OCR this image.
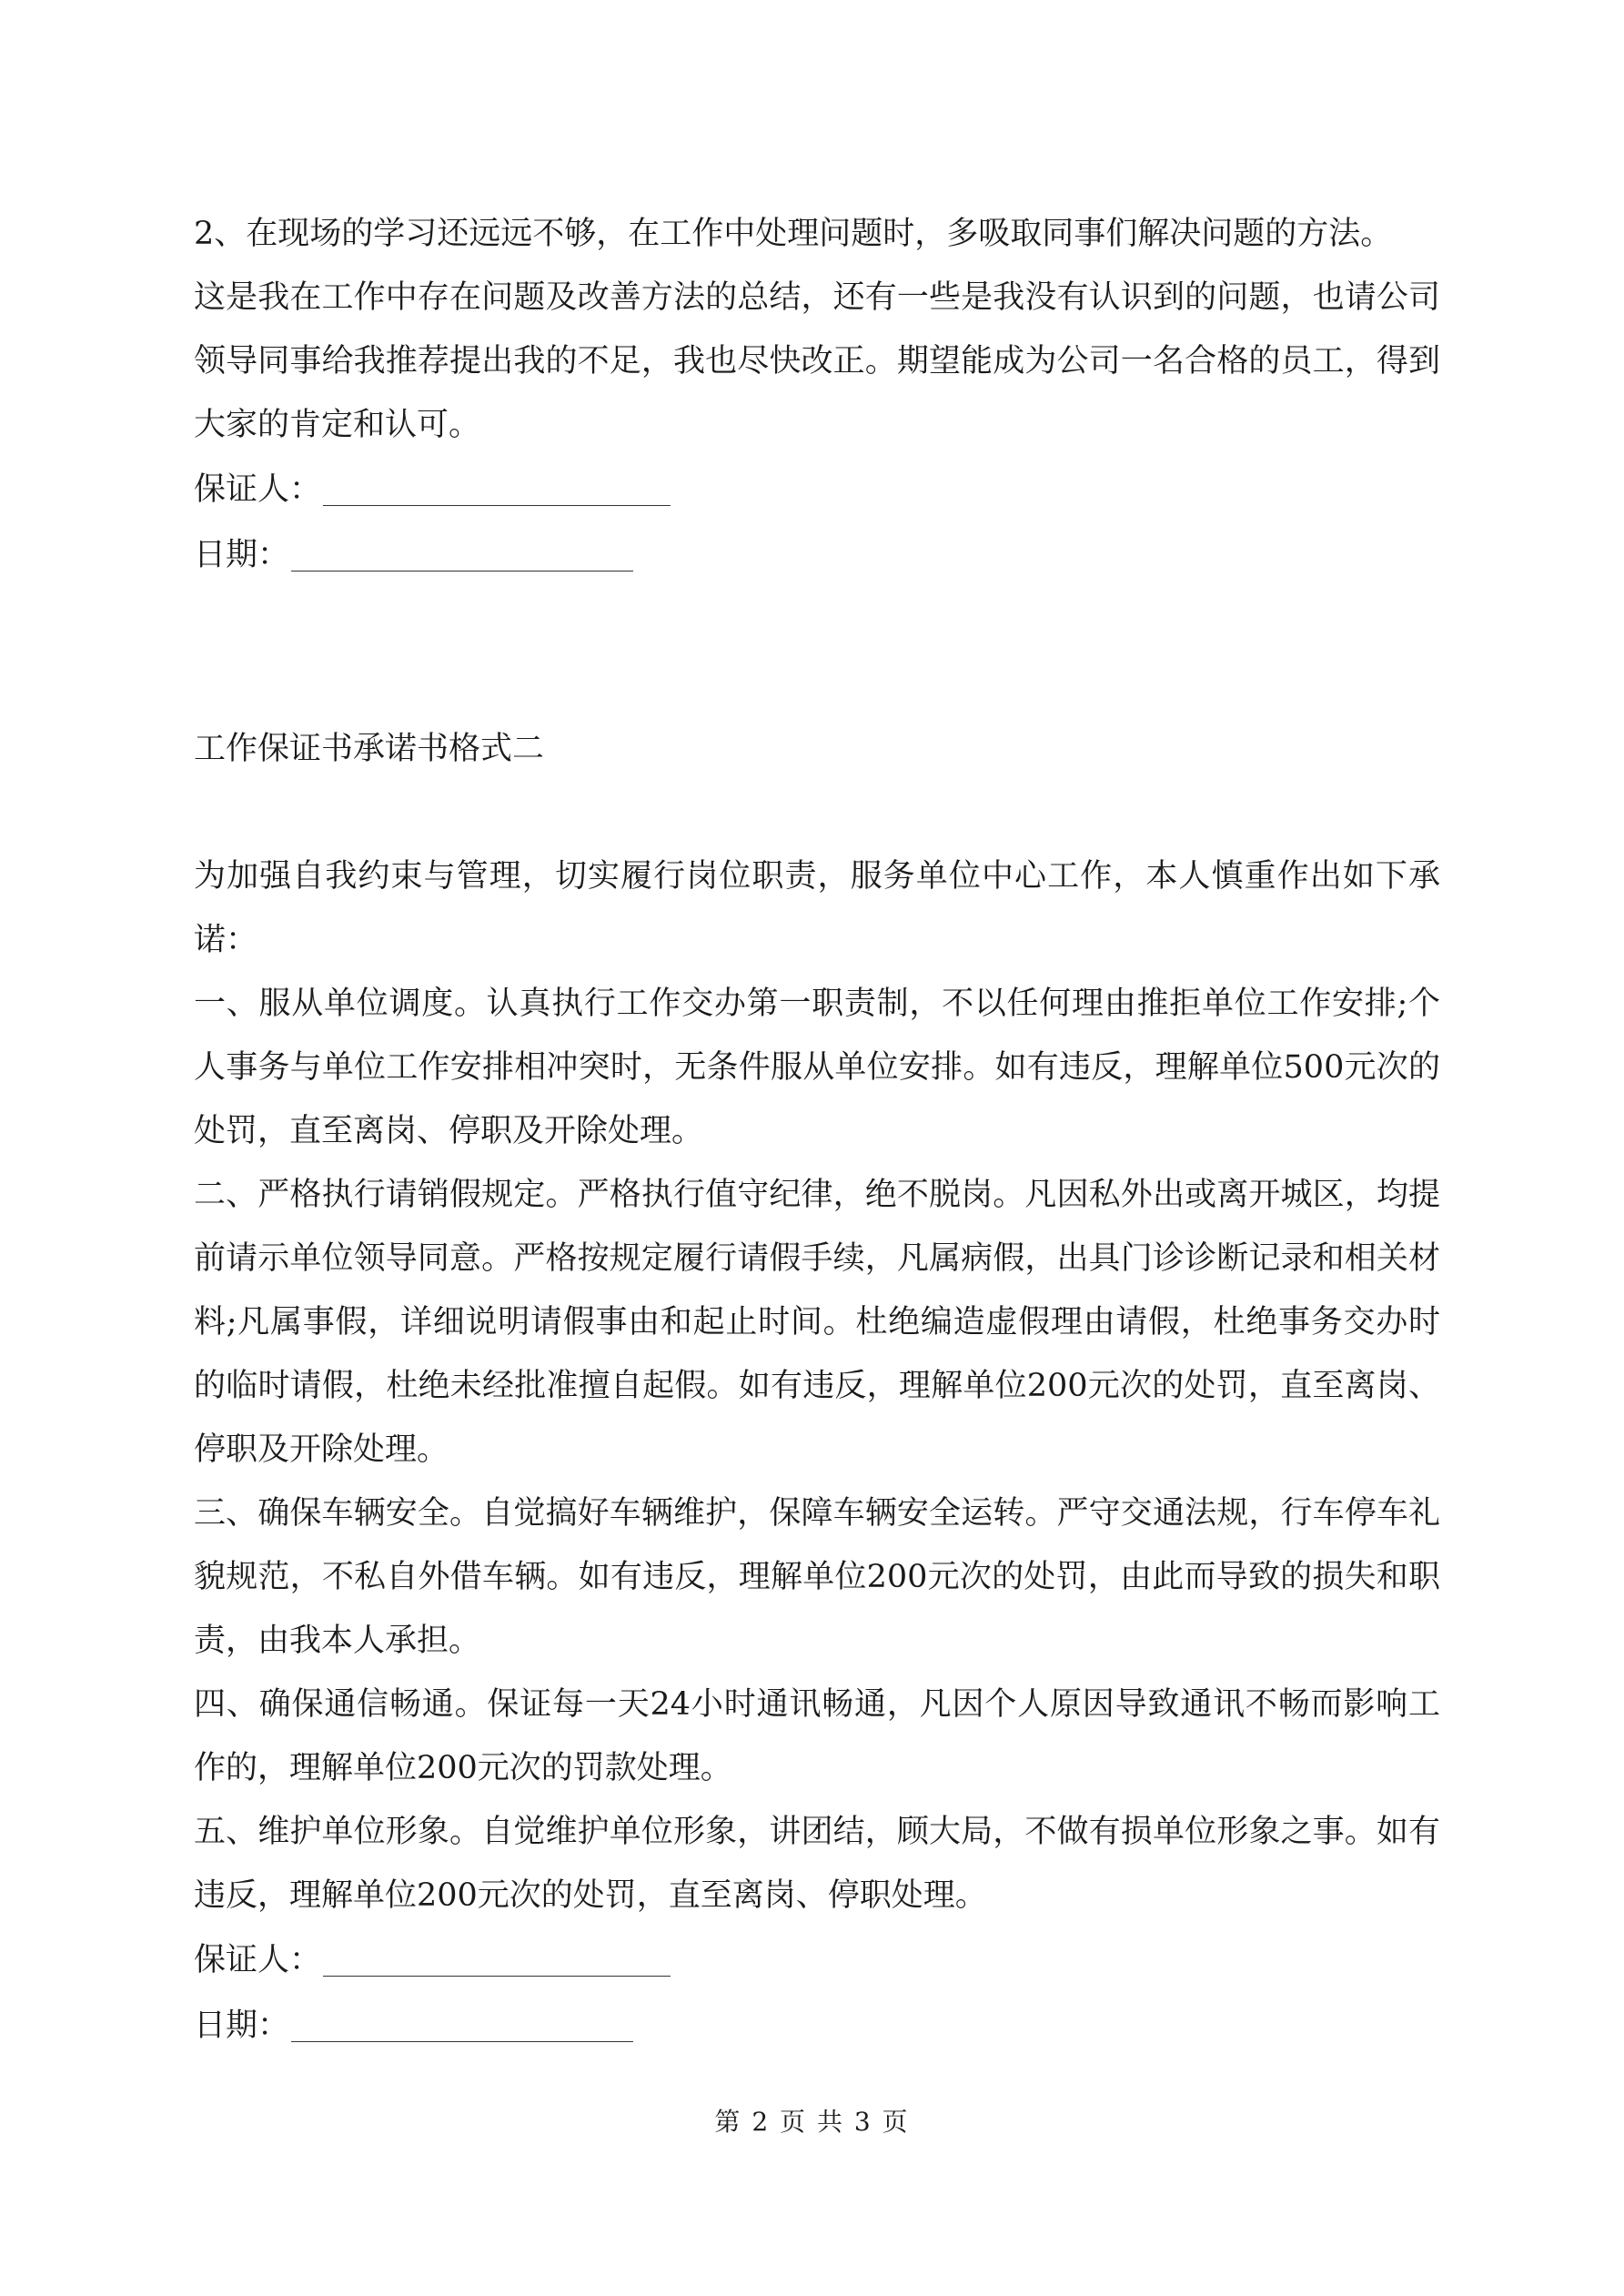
2、在现场的学习还远远不够，在工作中处理问题时，多吸取同事们解决问题的方法。

这是我在工作中存在问题及改善方法的总结，还有一些是我没有认识到的问题，也请公司领导同事给我推荐提出我的不足，我也尽快改正。期望能成为公司一名合格的员工，得到大家的肯定和认可。

保证人：
日期：

工作保证书承诺书格式二

为加强自我约束与管理，切实履行岗位职责，服务单位中心工作，本人慎重作出如下承诺：

一、服从单位调度。认真执行工作交办第一职责制，不以任何理由推拒单位工作安排;个人事务与单位工作安排相冲突时，无条件服从单位安排。如有违反，理解单位500元次的处罚，直至离岗、停职及开除处理。

二、严格执行请销假规定。严格执行值守纪律，绝不脱岗。凡因私外出或离开城区，均提前请示单位领导同意。严格按规定履行请假手续，凡属病假，出具门诊诊断记录和相关材料;凡属事假，详细说明请假事由和起止时间。杜绝编造虚假理由请假，杜绝事务交办时的临时请假，杜绝未经批准擅自起假。如有违反，理解单位200元次的处罚，直至离岗、停职及开除处理。

三、确保车辆安全。自觉搞好车辆维护，保障车辆安全运转。严守交通法规，行车停车礼貌规范，不私自外借车辆。如有违反，理解单位200元次的处罚，由此而导致的损失和职责，由我本人承担。

四、确保通信畅通。保证每一天24小时通讯畅通，凡因个人原因导致通讯不畅而影响工作的，理解单位200元次的罚款处理。

五、维护单位形象。自觉维护单位形象，讲团结，顾大局，不做有损单位形象之事。如有违反，理解单位200元次的处罚，直至离岗、停职处理。

保证人：
日期：
第 2 页 共 3 页
